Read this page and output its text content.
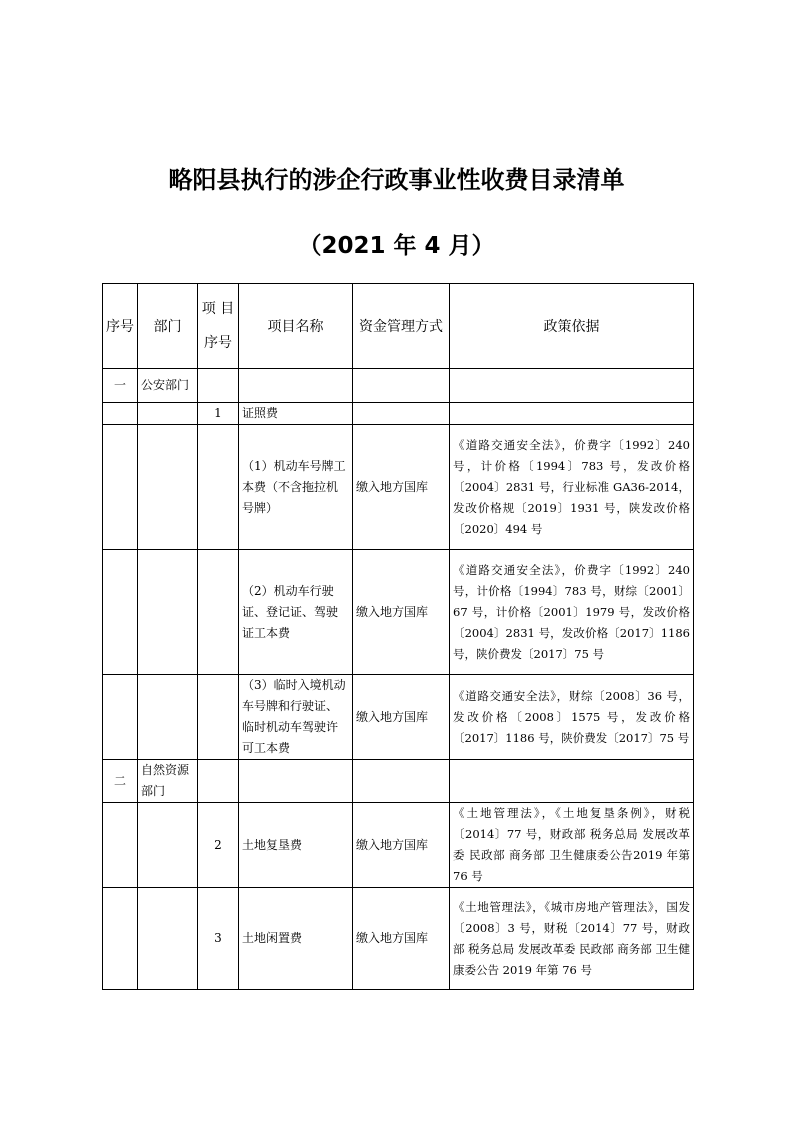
略阳县执行的涉企行政事业性收费目录清单
（2021 年 4 月）
序号	部门	项 目 序号	项目名称	资金管理方式	政策依据
一	公安部门				
		1	证照费		
			（1）机动车号牌工本费（不含拖拉机号牌）	缴入地方国库	《道路交通安全法》，价费字〔1992〕240号，计价格〔1994〕783 号，发改价格〔2004〕2831 号，行业标准 GA36-2014，发改价格规〔2019〕1931 号，陕发改价格〔2020〕494 号
			（2）机动车行驶证、登记证、驾驶证工本费	缴入地方国库	《道路交通安全法》，价费字〔1992〕240号，计价格〔1994〕783 号，财综〔2001〕67 号，计价格〔2001〕1979 号，发改价格〔2004〕2831 号，发改价格〔2017〕1186号，陕价费发〔2017〕75 号
			（3）临时入境机动车号牌和行驶证、临时机动车驾驶许可工本费	缴入地方国库	《道路交通安全法》，财综〔2008〕36 号，发改价格〔2008〕1575 号，发改价格〔2017〕1186 号，陕价费发〔2017〕75 号
二	自然资源部门				
		2	土地复垦费	缴入地方国库	《土地管理法》，《土地复垦条例》，财税〔2014〕77 号，财政部 税务总局 发展改革委 民政部 商务部 卫生健康委公告2019 年第 76 号
		3	土地闲置费	缴入地方国库	《土地管理法》，《城市房地产管理法》，国发〔2008〕3 号，财税〔2014〕77 号，财政部 税务总局 发展改革委 民政部 商务部 卫生健康委公告 2019 年第 76 号
